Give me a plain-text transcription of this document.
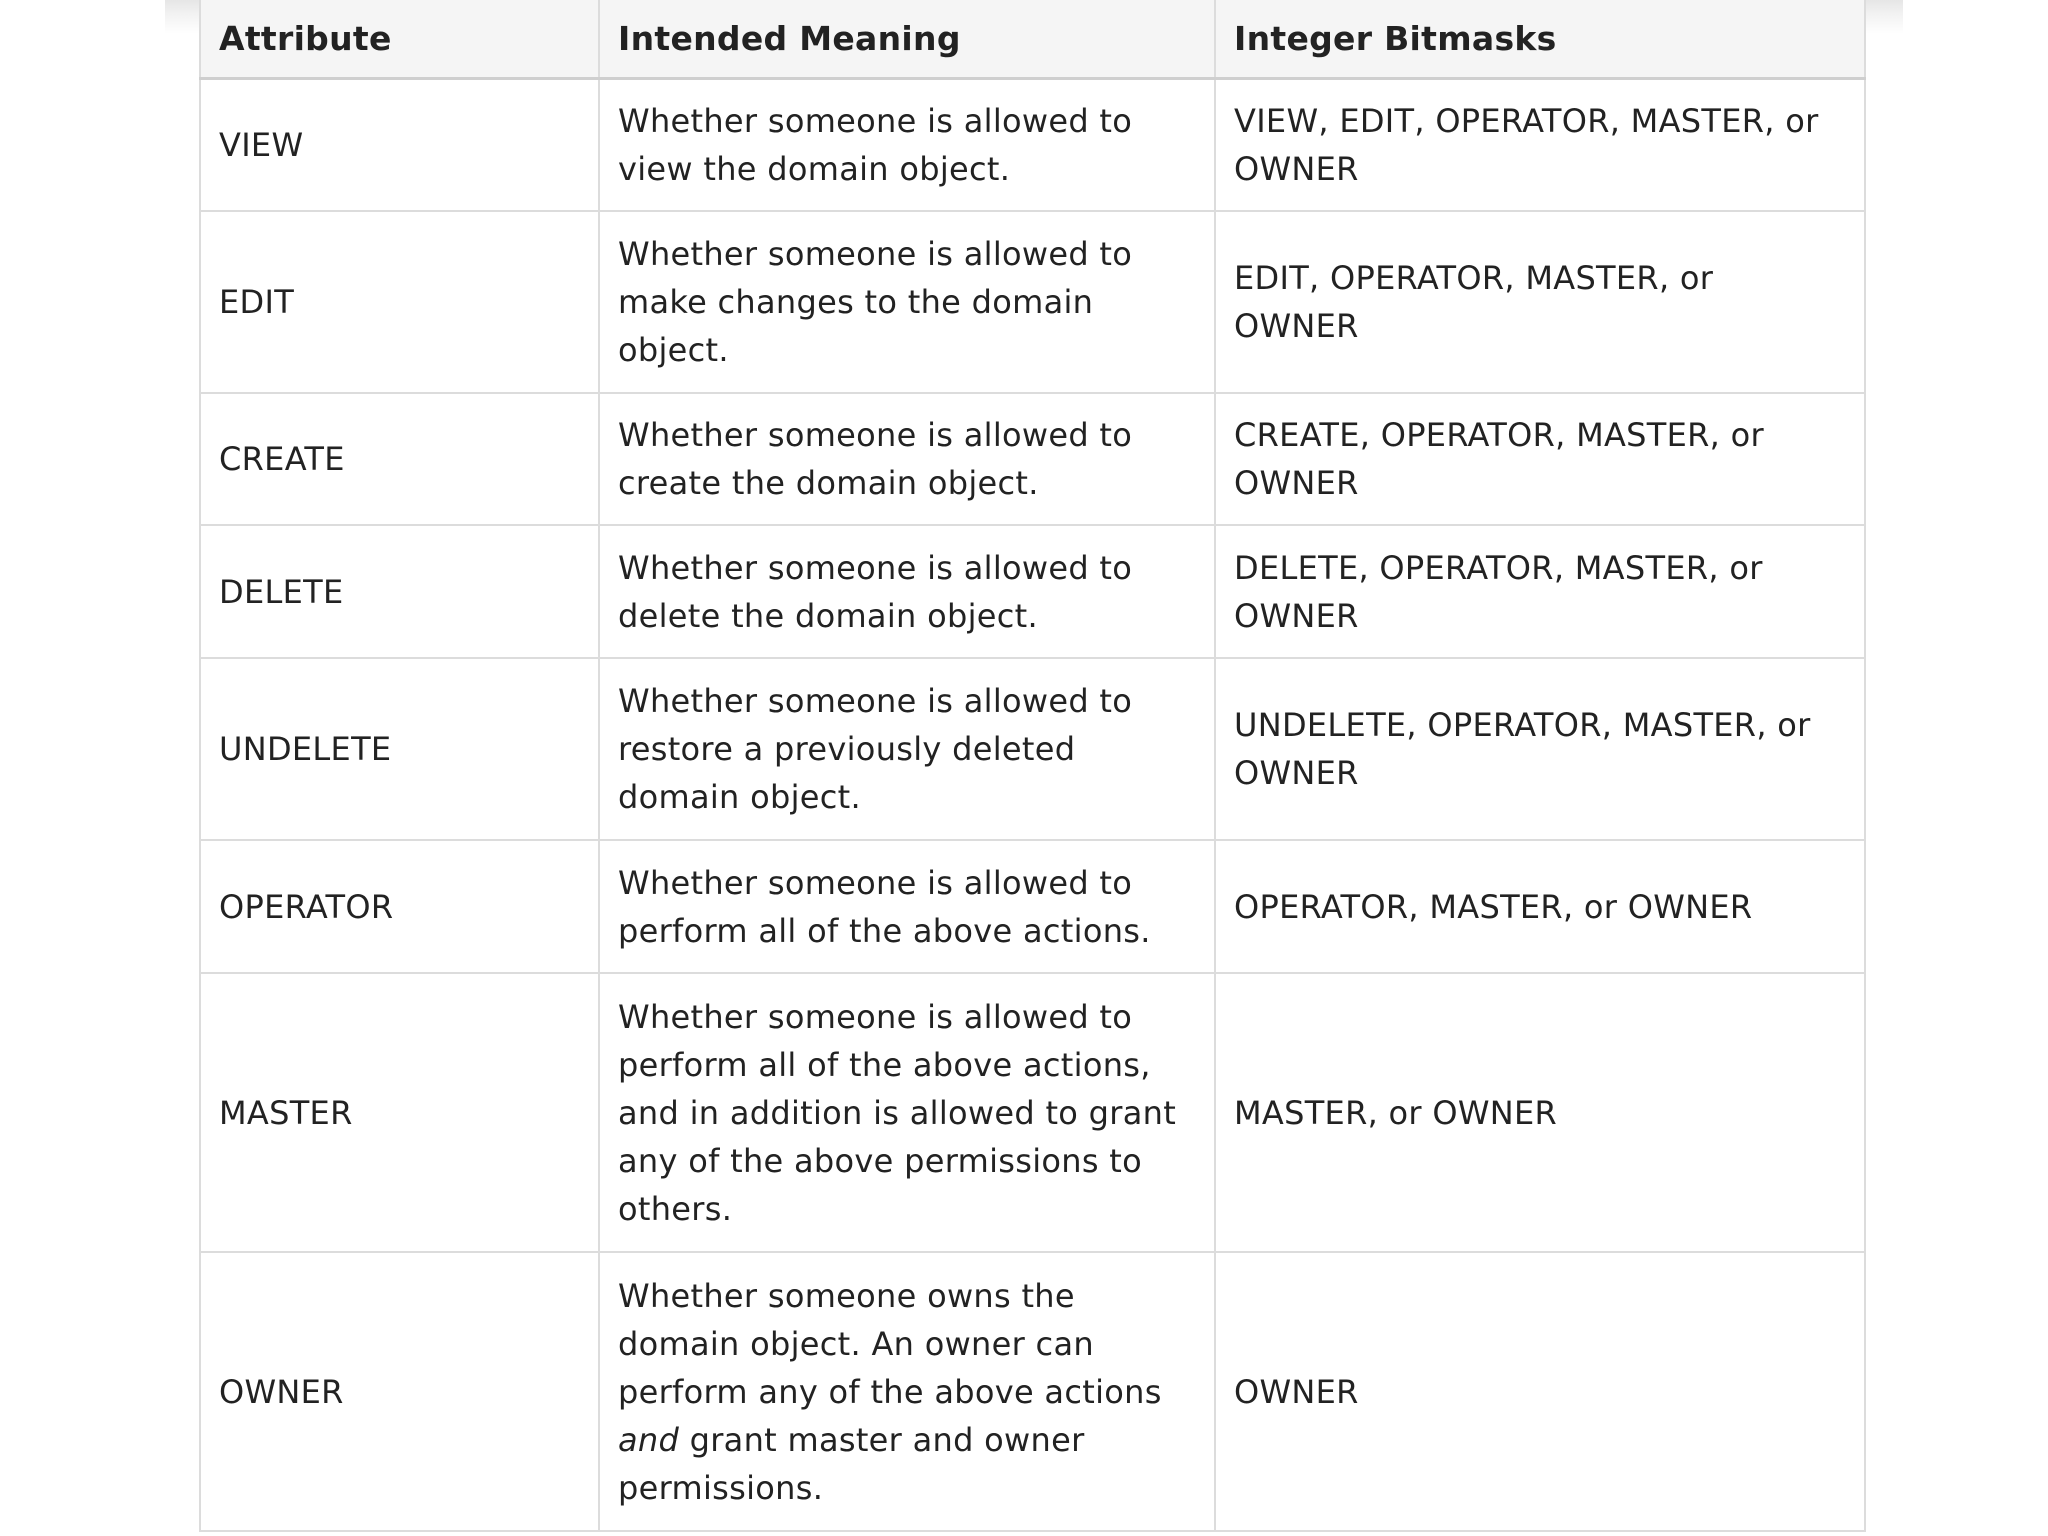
Attribute	Intended Meaning	Integer Bitmasks
VIEW	Whether someone is allowed to view the domain object.	VIEW, EDIT, OPERATOR, MASTER, or OWNER
EDIT	Whether someone is allowed to make changes to the domain object.	EDIT, OPERATOR, MASTER, or OWNER
CREATE	Whether someone is allowed to create the domain object.	CREATE, OPERATOR, MASTER, or OWNER
DELETE	Whether someone is allowed to delete the domain object.	DELETE, OPERATOR, MASTER, or OWNER
UNDELETE	Whether someone is allowed to restore a previously deleted domain object.	UNDELETE, OPERATOR, MASTER, or OWNER
OPERATOR	Whether someone is allowed to perform all of the above actions.	OPERATOR, MASTER, or OWNER
MASTER	Whether someone is allowed to perform all of the above actions, and in addition is allowed to grant any of the above permissions to others.	MASTER, or OWNER
OWNER	Whether someone owns the domain object. An owner can perform any of the above actions and grant master and owner permissions.	OWNER
